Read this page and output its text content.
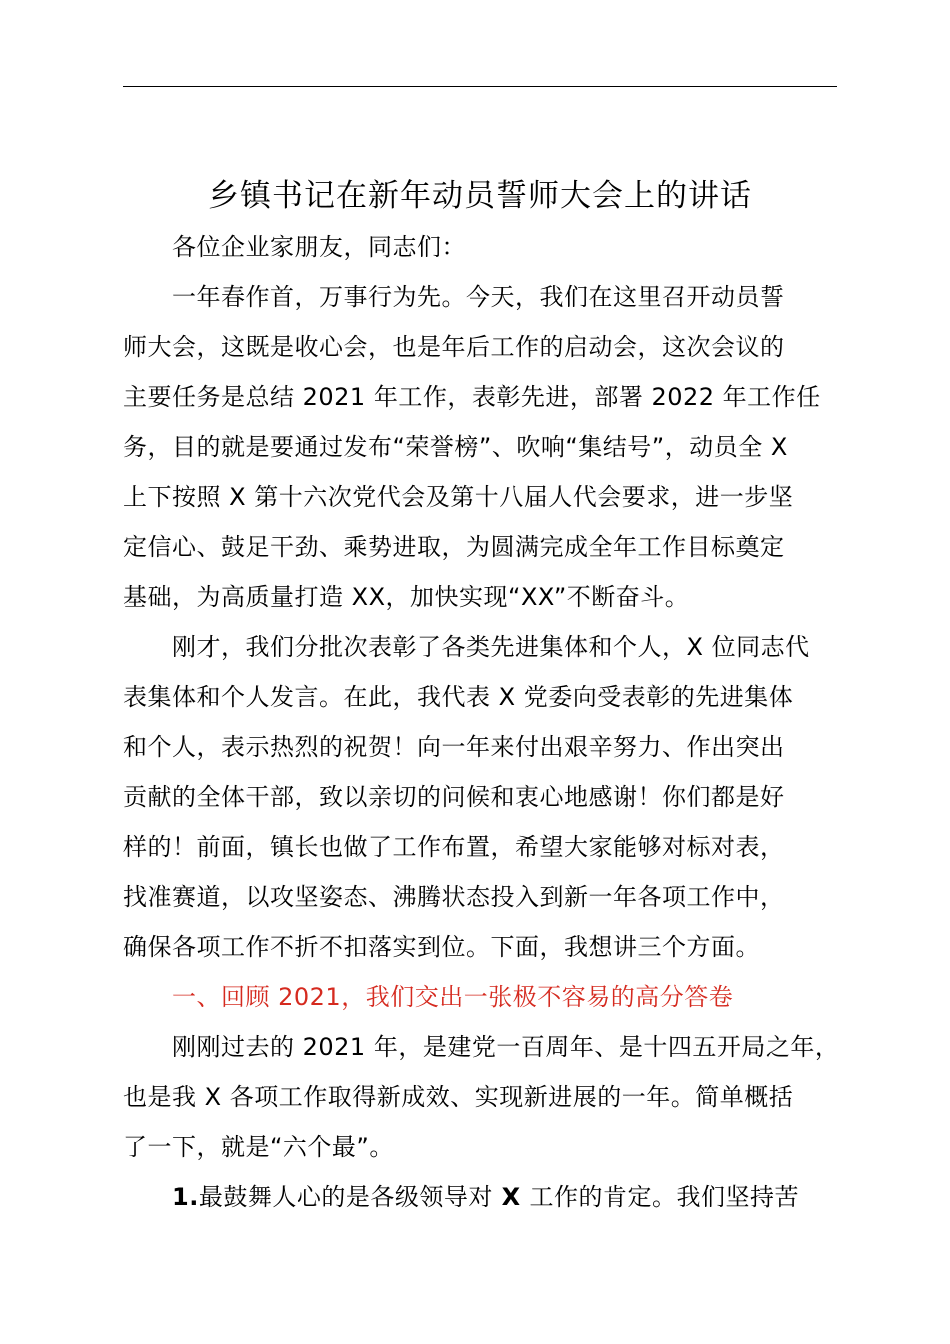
乡镇书记在新年动员誓师大会上的讲话
各位企业家朋友，同志们：
一年春作首，万事行为先。今天，我们在这里召开动员誓
师大会，这既是收心会，也是年后工作的启动会，这次会议的
主要任务是总结 2021 年工作，表彰先进，部署 2022 年工作任
务，目的就是要通过发布“荣誉榜”、吹响“集结号”，动员全 X
上下按照 X 第十六次党代会及第十八届人代会要求，进一步坚
定信心、鼓足干劲、乘势进取，为圆满完成全年工作目标奠定
基础，为高质量打造 XX，加快实现“XX”不断奋斗。
刚才，我们分批次表彰了各类先进集体和个人，X 位同志代
表集体和个人发言。在此，我代表 X 党委向受表彰的先进集体
和个人，表示热烈的祝贺！向一年来付出艰辛努力、作出突出
贡献的全体干部，致以亲切的问候和衷心地感谢！你们都是好
样的！前面，镇长也做了工作布置，希望大家能够对标对表，
找准赛道，以攻坚姿态、沸腾状态投入到新一年各项工作中，
确保各项工作不折不扣落实到位。下面，我想讲三个方面。
一、回顾 2021，我们交出一张极不容易的高分答卷
刚刚过去的 2021 年，是建党一百周年、是十四五开局之年，
也是我 X 各项工作取得新成效、实现新进展的一年。简单概括
了一下，就是“六个最”。
1.最鼓舞人心的是各级领导对 X 工作的肯定。我们坚持苦
